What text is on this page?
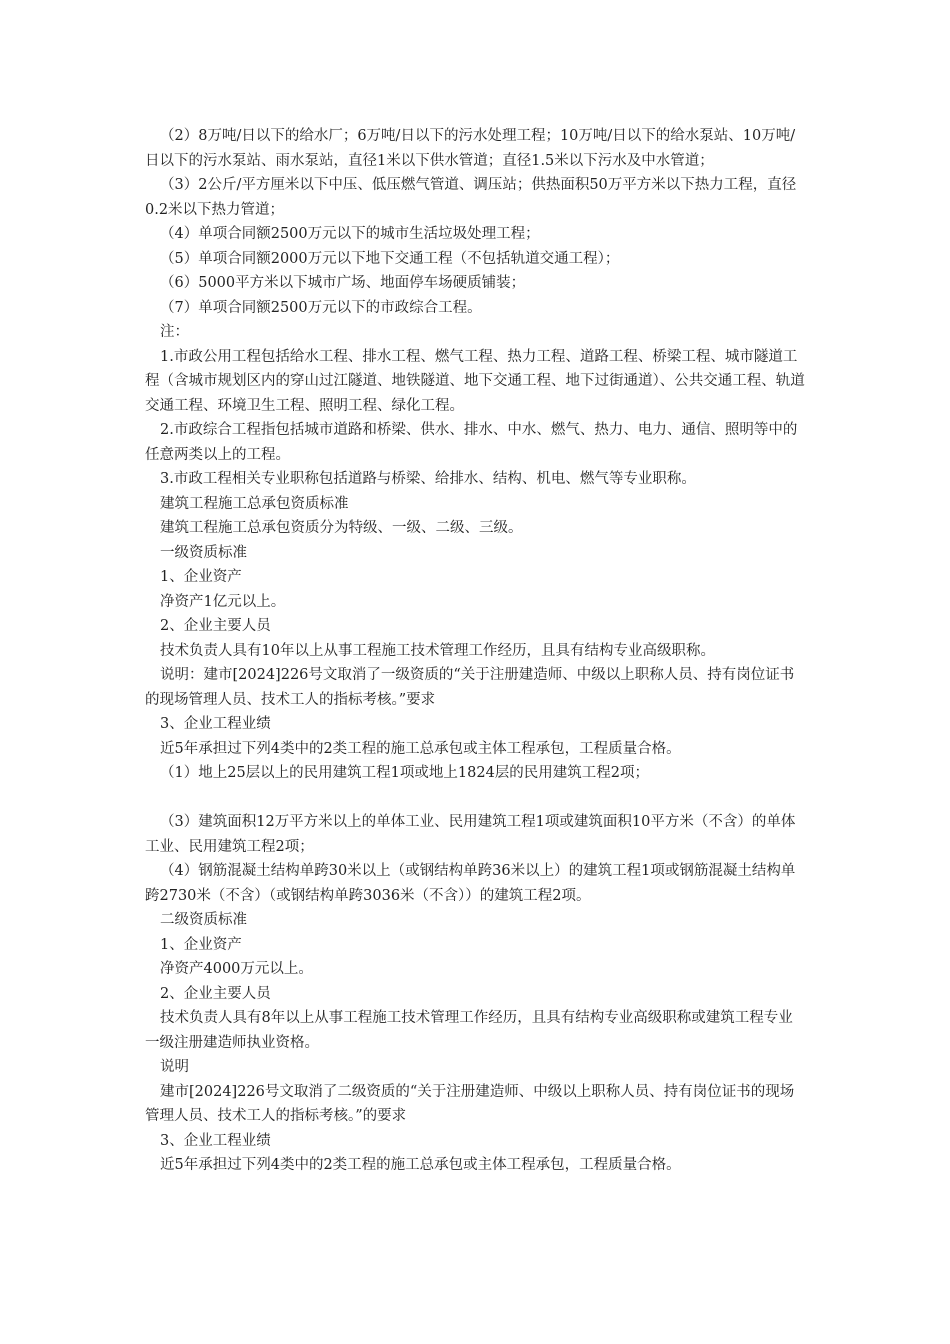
（2）8万吨/日以下的给水厂；6万吨/日以下的污水处理工程；10万吨/日以下的给水泵站、10万吨/日以下的污水泵站、雨水泵站，直径1米以下供水管道；直径1.5米以下污水及中水管道；

（3）2公斤/平方厘米以下中压、低压燃气管道、调压站；供热面积50万平方米以下热力工程，直径0.2米以下热力管道；

（4）单项合同额2500万元以下的城市生活垃圾处理工程；

（5）单项合同额2000万元以下地下交通工程（不包括轨道交通工程）；

（6）5000平方米以下城市广场、地面停车场硬质铺装；

（7）单项合同额2500万元以下的市政综合工程。

注：

1.市政公用工程包括给水工程、排水工程、燃气工程、热力工程、道路工程、桥梁工程、城市隧道工程（含城市规划区内的穿山过江隧道、地铁隧道、地下交通工程、地下过街通道）、公共交通工程、轨道交通工程、环境卫生工程、照明工程、绿化工程。

2.市政综合工程指包括城市道路和桥梁、供水、排水、中水、燃气、热力、电力、通信、照明等中的任意两类以上的工程。

3.市政工程相关专业职称包括道路与桥梁、给排水、结构、机电、燃气等专业职称。

建筑工程施工总承包资质标准

建筑工程施工总承包资质分为特级、一级、二级、三级。

一级资质标准

1、企业资产

净资产1亿元以上。

2、企业主要人员

技术负责人具有10年以上从事工程施工技术管理工作经历，且具有结构专业高级职称。

说明：建市[2024]226号文取消了一级资质的“关于注册建造师、中级以上职称人员、持有岗位证书的现场管理人员、技术工人的指标考核。”要求

3、企业工程业绩

近5年承担过下列4类中的2类工程的施工总承包或主体工程承包，工程质量合格。

（1）地上25层以上的民用建筑工程1项或地上1824层的民用建筑工程2项；

（3）建筑面积12万平方米以上的单体工业、民用建筑工程1项或建筑面积10平方米（不含）的单体工业、民用建筑工程2项；

（4）钢筋混凝土结构单跨30米以上（或钢结构单跨36米以上）的建筑工程1项或钢筋混凝土结构单跨2730米（不含）（或钢结构单跨3036米（不含））的建筑工程2项。

二级资质标准

1、企业资产

净资产4000万元以上。

2、企业主要人员

技术负责人具有8年以上从事工程施工技术管理工作经历，且具有结构专业高级职称或建筑工程专业一级注册建造师执业资格。

说明

建市[2024]226号文取消了二级资质的“关于注册建造师、中级以上职称人员、持有岗位证书的现场管理人员、技术工人的指标考核。”的要求

3、企业工程业绩

近5年承担过下列4类中的2类工程的施工总承包或主体工程承包，工程质量合格。
